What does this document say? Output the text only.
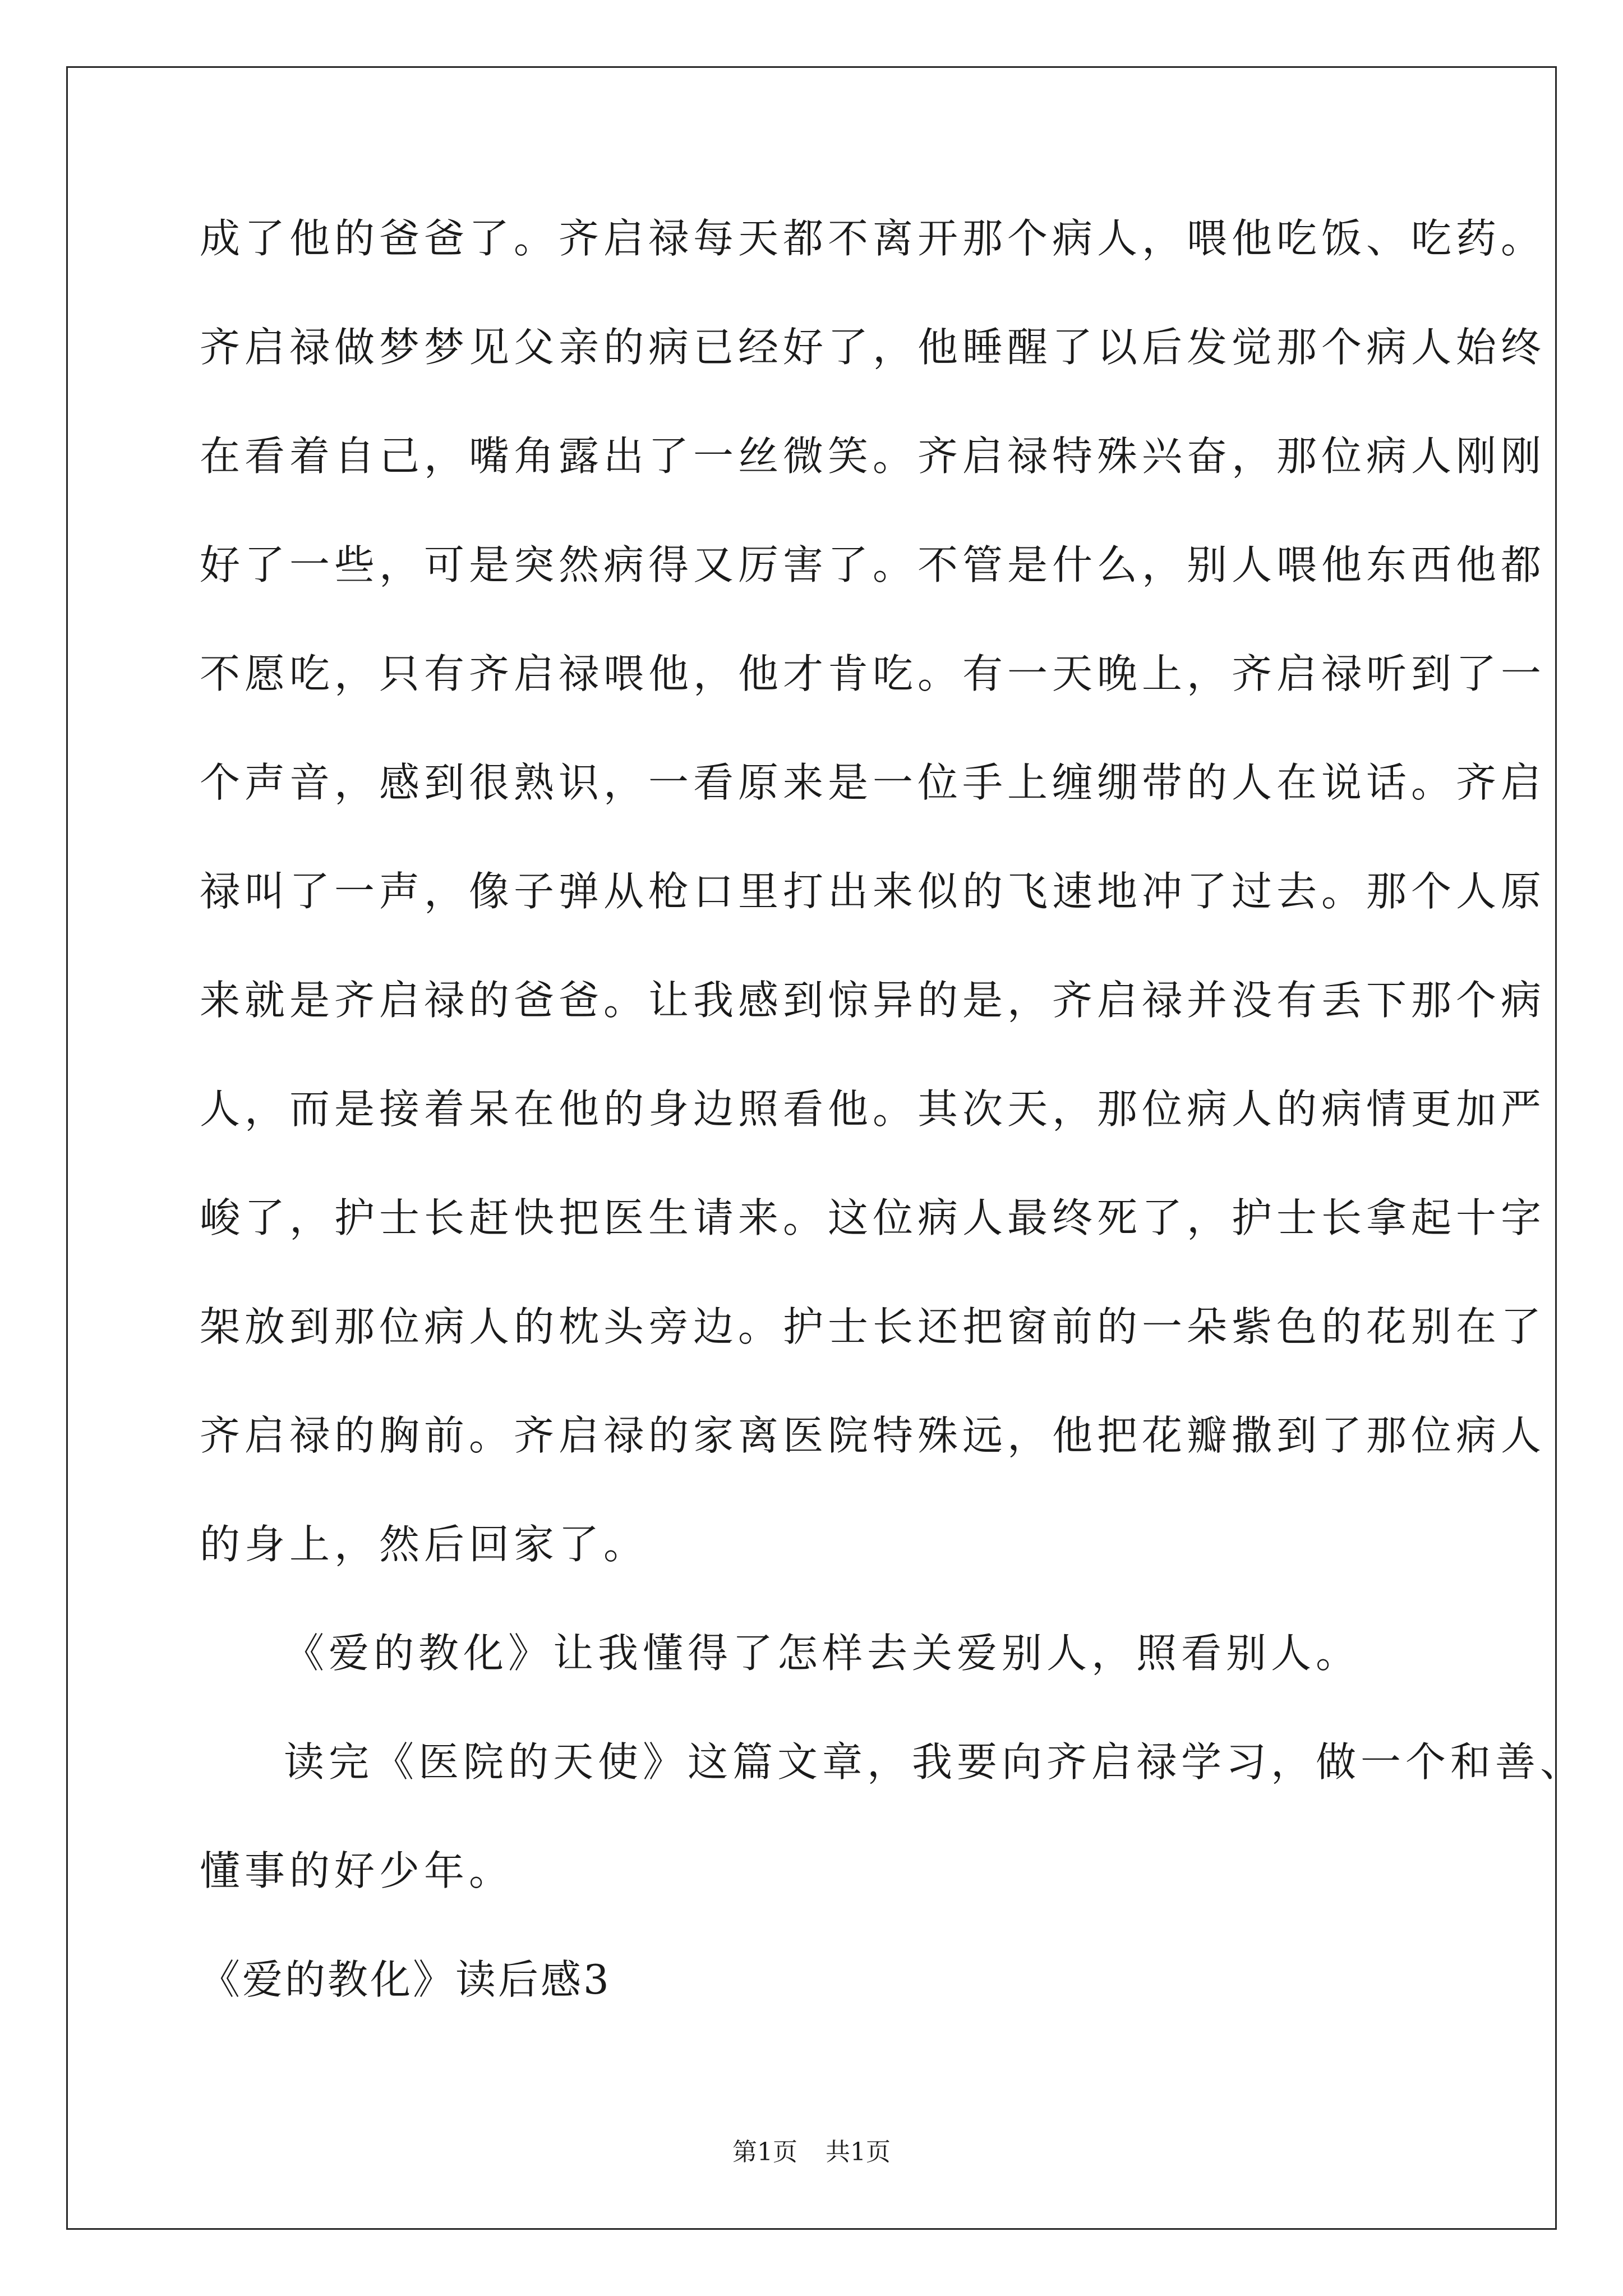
成了他的爸爸了。齐启禄每天都不离开那个病人，喂他吃饭、吃药。

齐启禄做梦梦见父亲的病已经好了，他睡醒了以后发觉那个病人始终

在看着自己，嘴角露出了一丝微笑。齐启禄特殊兴奋，那位病人刚刚

好了一些，可是突然病得又厉害了。不管是什么，别人喂他东西他都

不愿吃，只有齐启禄喂他，他才肯吃。有一天晚上，齐启禄听到了一

个声音，感到很熟识，一看原来是一位手上缠绷带的人在说话。齐启

禄叫了一声，像子弹从枪口里打出来似的飞速地冲了过去。那个人原

来就是齐启禄的爸爸。让我感到惊异的是，齐启禄并没有丢下那个病

人，而是接着呆在他的身边照看他。其次天，那位病人的病情更加严

峻了，护士长赶快把医生请来。这位病人最终死了，护士长拿起十字

架放到那位病人的枕头旁边。护士长还把窗前的一朵紫色的花别在了

齐启禄的胸前。齐启禄的家离医院特殊远，他把花瓣撒到了那位病人

的身上，然后回家了。

《爱的教化》让我懂得了怎样去关爱别人，照看别人。

读完《医院的天使》这篇文章，我要向齐启禄学习，做一个和善、

懂事的好少年。

《爱的教化》读后感3

第1页 共1页
